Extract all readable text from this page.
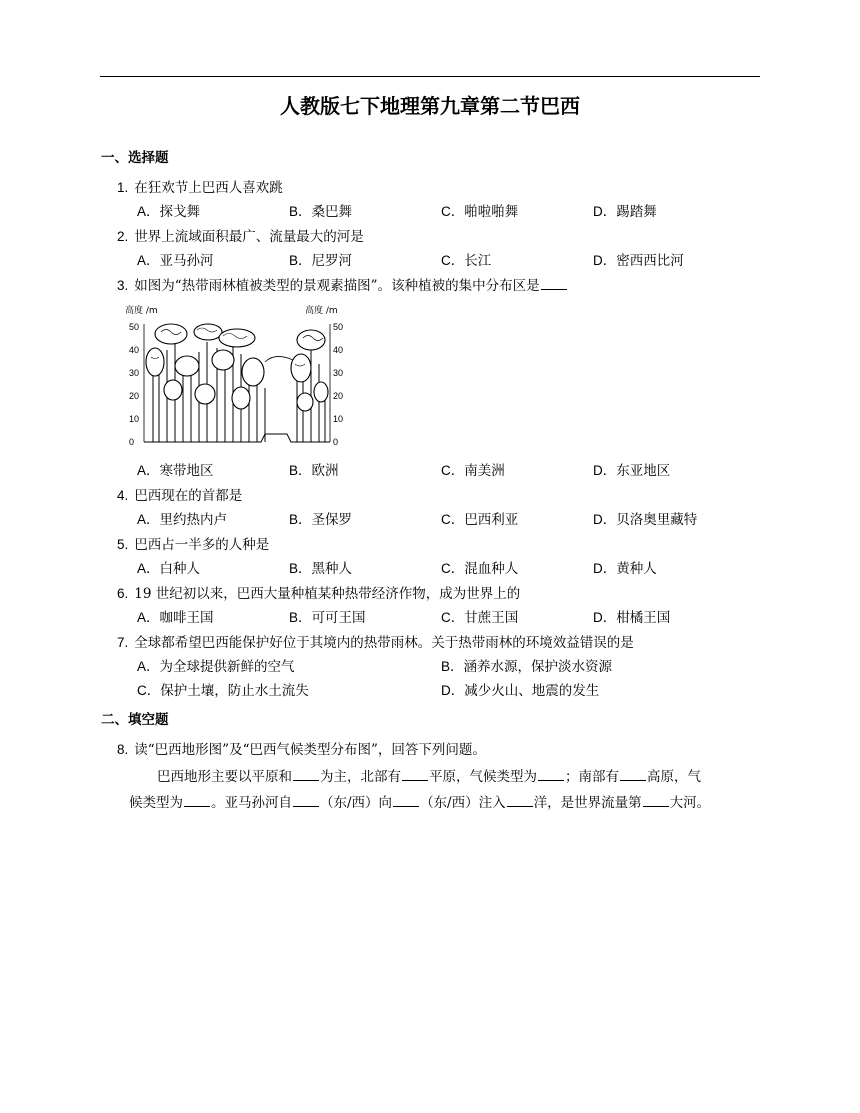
人教版七下地理第九章第二节巴西
一、选择题
1. 在狂欢节上巴西人喜欢跳
A．探戈舞	B．桑巴舞	C．啪啦啪舞	D．踢踏舞
2. 世界上流域面积最广、流量最大的河是
A．亚马孙河	B．尼罗河	C．长江	D．密西西比河
3. 如图为“热带雨林植被类型的景观素描图”。该种植被的集中分布区是
高度 /m	高度 /m
0
10
20
30
40
50
0
10
20
30
40
50
A．寒带地区	B．欧洲	C．南美洲	D．东亚地区
4. 巴西现在的首都是
A．里约热内卢	B．圣保罗	C．巴西利亚	D．贝洛奥里藏特
5. 巴西占一半多的人种是
A．白种人	B．黑种人	C．混血种人	D．黄种人
6. 19 世纪初以来，巴西大量种植某种热带经济作物，成为世界上的
A．咖啡王国	B．可可王国	C．甘蔗王国	D．柑橘王国
7. 全球都希望巴西能保护好位于其境内的热带雨林。关于热带雨林的环境效益错误的是
A．为全球提供新鲜的空气	B．涵养水源，保护淡水资源
C．保护土壤，防止水土流失	D．减少火山、地震的发生
二、填空题
8. 读“巴西地形图”及“巴西气候类型分布图”，回答下列问题。
巴西地形主要以平原和 为主，北部有 平原，气候类型为 ；南部有 高原，气
候类型为 。亚马孙河自 （东/西）向 （东/西）注入 洋，是世界流量第 大河。
